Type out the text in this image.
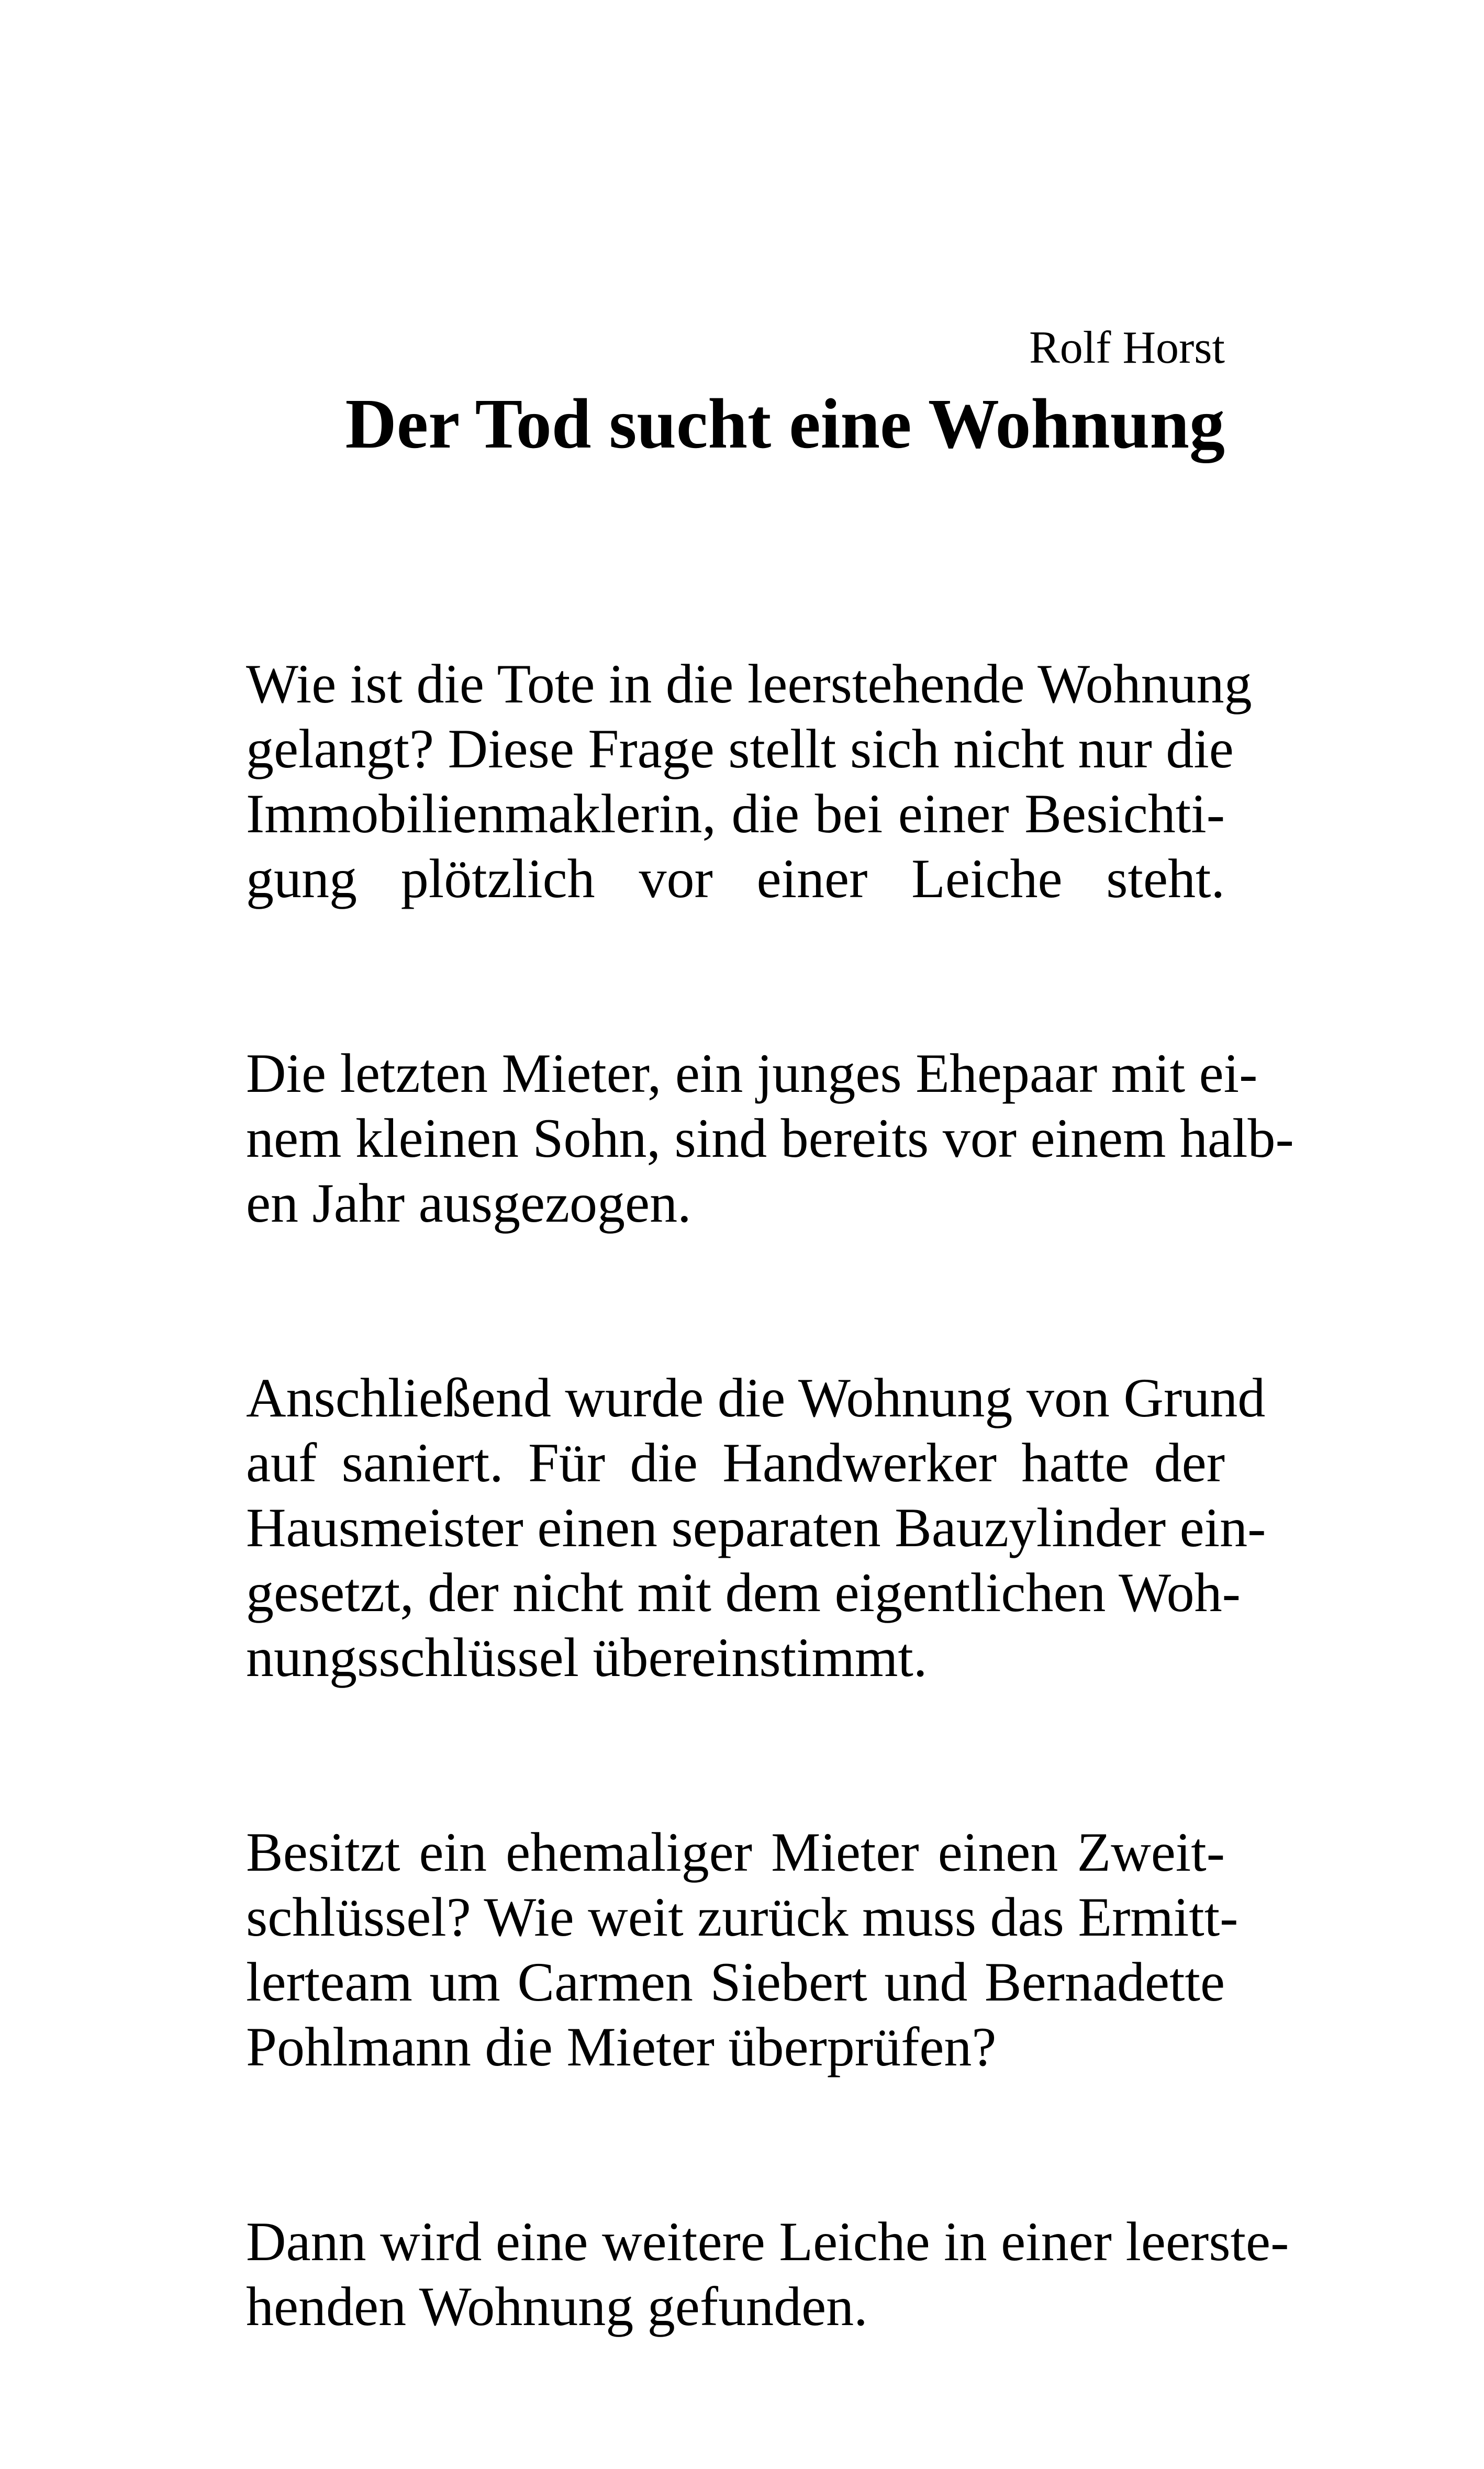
Rolf Horst

Der Tod sucht eine Wohnung

Wie ist die Tote in die leerstehende Wohnung
gelangt? Diese Frage stellt sich nicht nur die
Immobilienmaklerin, die bei einer Besichti-
gung plötzlich vor einer Leiche steht.

Die letzten Mieter, ein junges Ehepaar mit ei-
nem kleinen Sohn, sind bereits vor einem halb-
en Jahr ausgezogen.

Anschließend wurde die Wohnung von Grund
auf saniert. Für die Handwerker hatte der
Hausmeister einen separaten Bauzylinder ein-
gesetzt, der nicht mit dem eigentlichen Woh-
nungsschlüssel übereinstimmt.

Besitzt ein ehemaliger Mieter einen Zweit-
schlüssel? Wie weit zurück muss das Ermitt-
lerteam um Carmen Siebert und Bernadette
Pohlmann die Mieter überprüfen?

Dann wird eine weitere Leiche in einer leerste-
henden Wohnung gefunden.
